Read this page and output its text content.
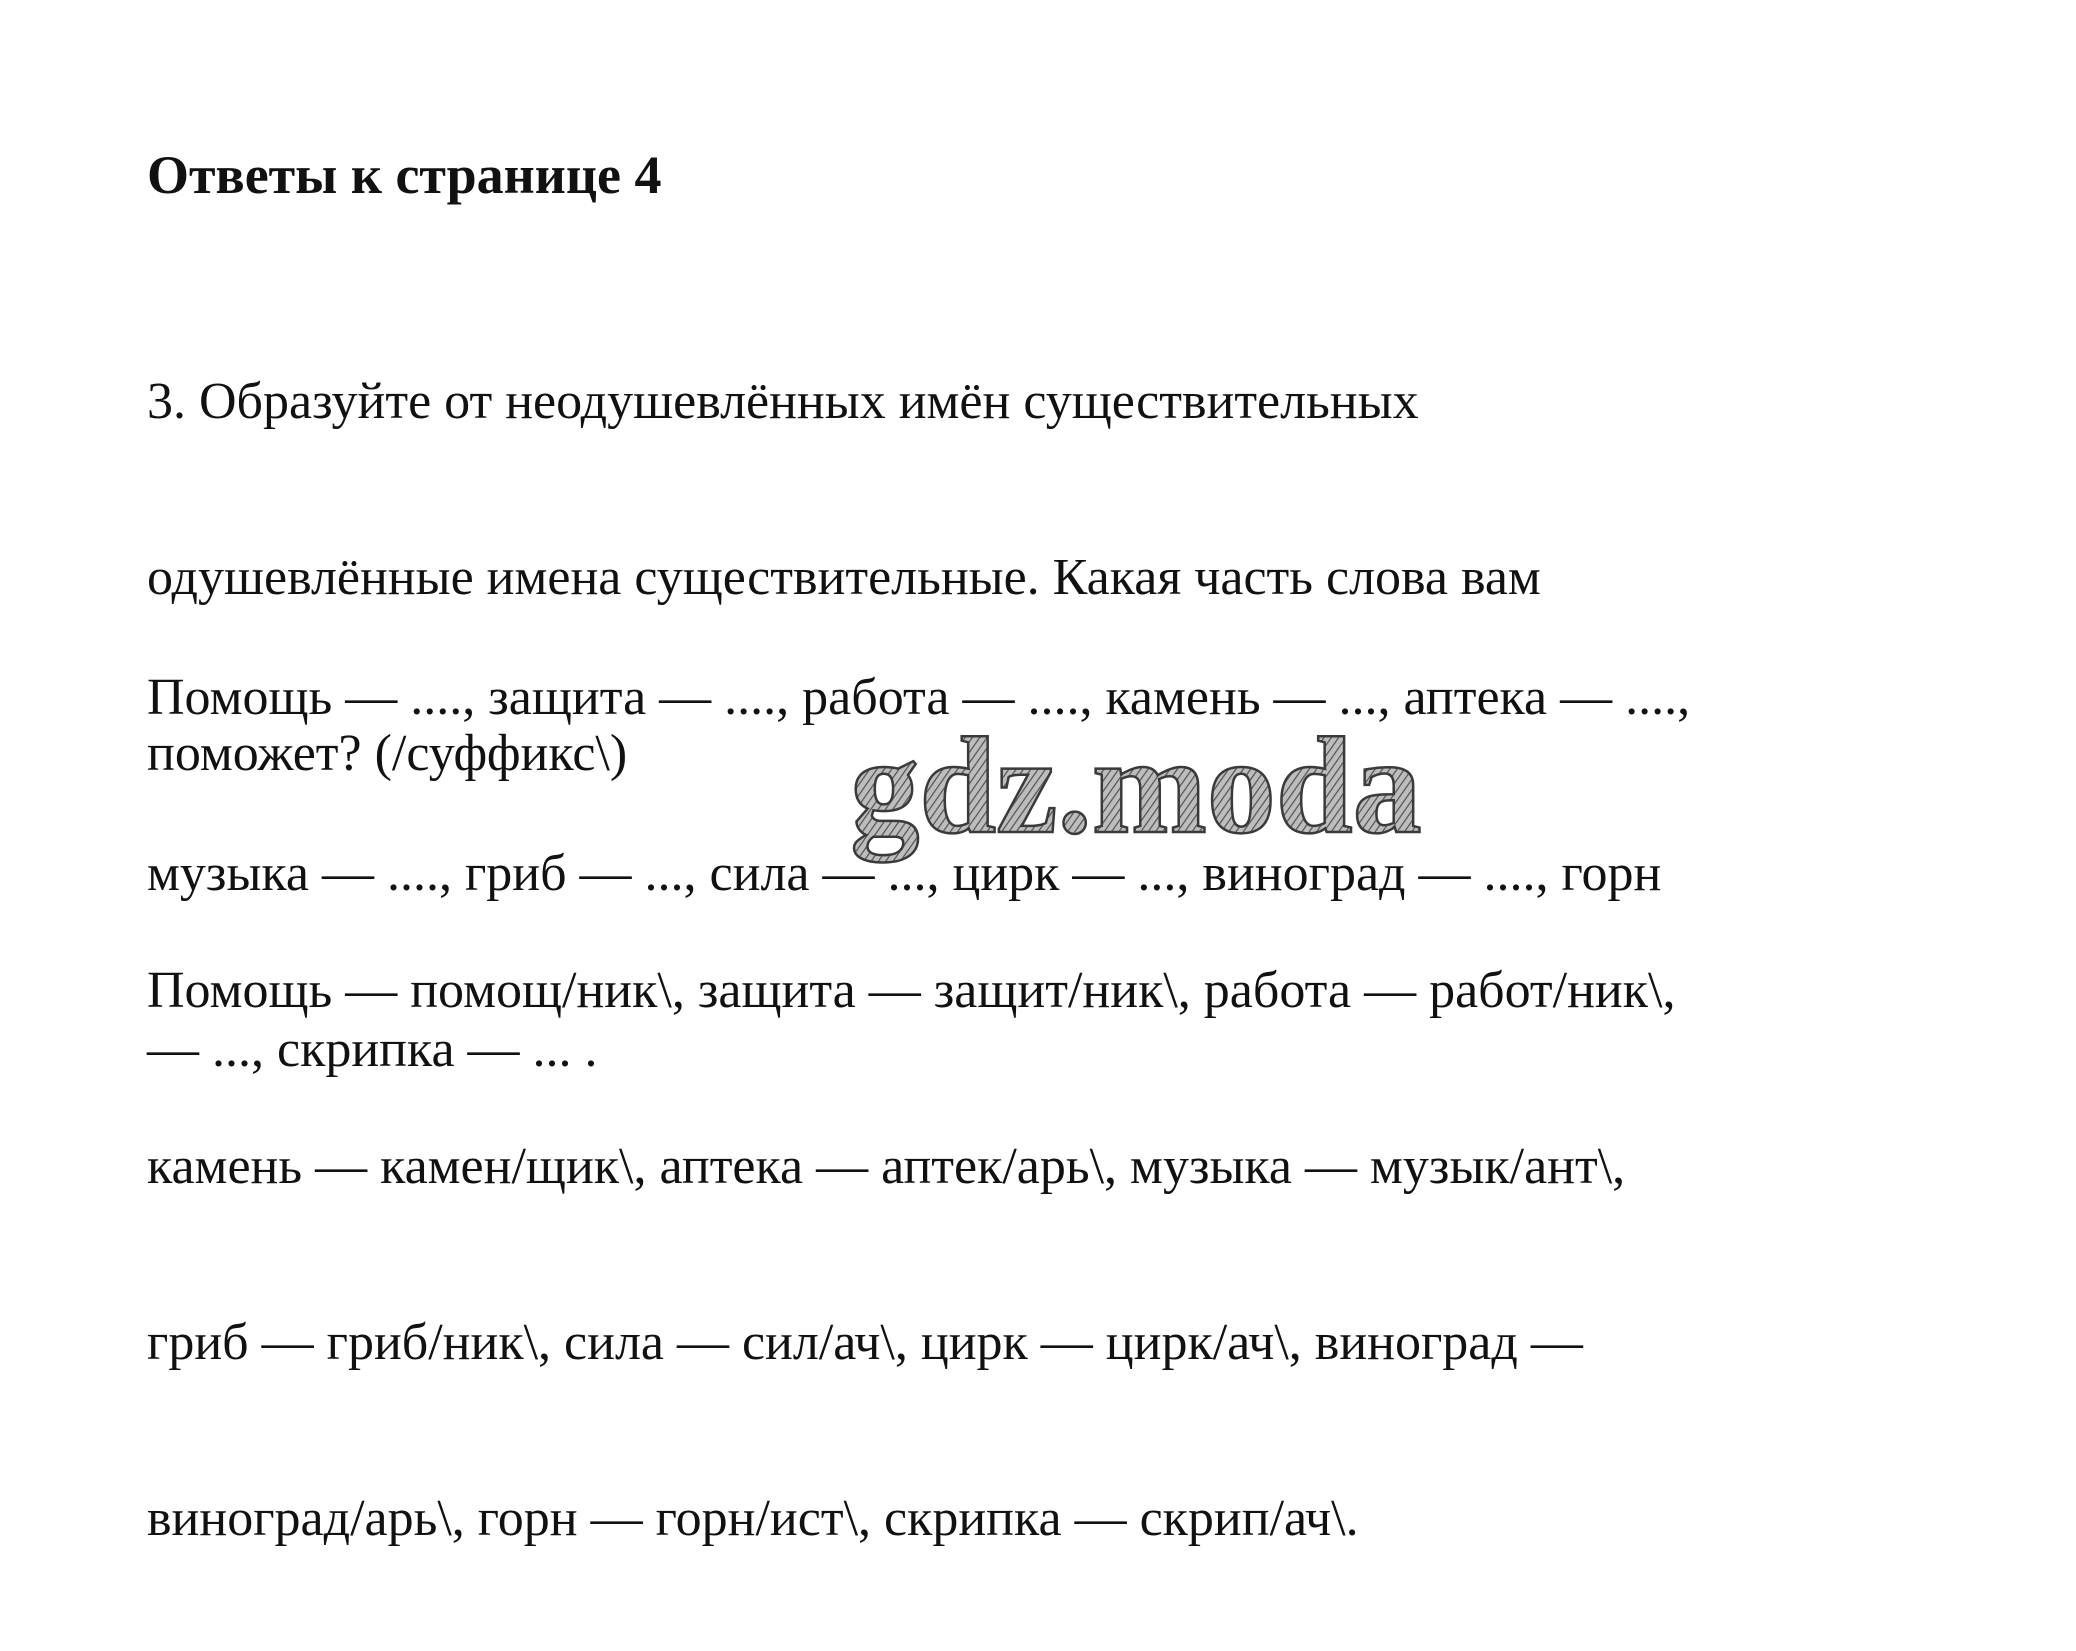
Ответы к странице 4

3. Образуйте от неодушевлённых имён существительных

одушевлённые имена существительные. Какая часть слова вам

поможет? (/суффикс\)

Помощь — ...., защита — ...., работа — ...., камень — ..., аптека — ....,

музыка — ...., гриб — ..., сила — ..., цирк — ..., виноград — ...., горн

— ..., скрипка — ... .

Помощь — помощ/ник\, защита — защит/ник\, работа — работ/ник\,

камень — камен/щик\, аптека — аптек/арь\, музыка — музык/ант\,

гриб — гриб/ник\, сила — сил/ач\, цирк — цирк/ач\, виноград —

виноград/арь\, горн — горн/ист\, скрипка — скрип/ач\.

gdz.moda
